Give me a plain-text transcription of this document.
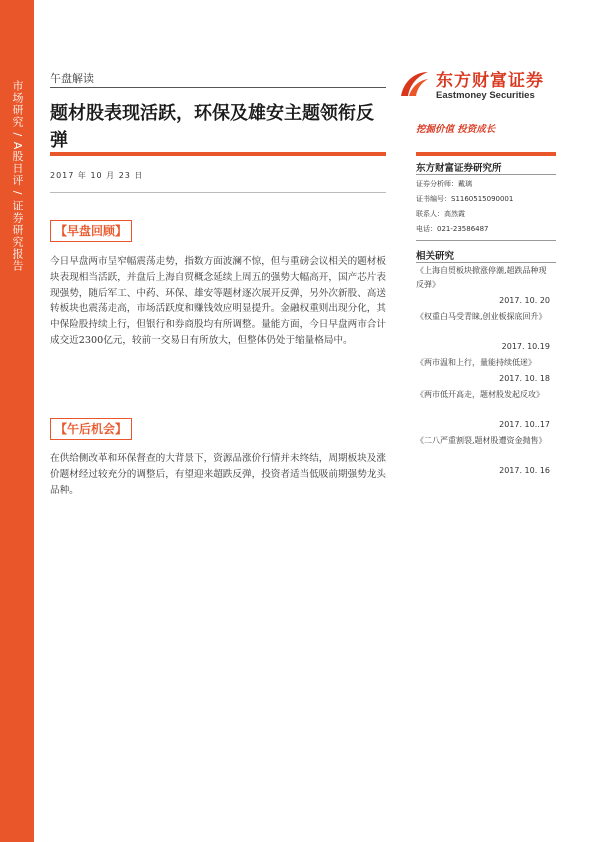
市场研究 / A股日评 / 证券研究报告
午盘解读
题材股表现活跃，环保及雄安主题领衔反弹
2017 年 10 月 23 日
【早盘回顾】
今日早盘两市呈窄幅震荡走势，指数方面波澜不惊，但与重磅会议相关的题材板块表现相当活跃，并盘后上海自贸概念延续上周五的强势大幅高开，国产芯片表现强势，随后军工、中药、环保、雄安等题材逐次展开反弹，另外次新股、高送转板块也震荡走高，市场活跃度和赚钱效应明显提升。金融权重则出现分化，其中保险股持续上行，但银行和券商股均有所调整。量能方面，今日早盘两市合计成交近2300亿元，较前一交易日有所放大，但整体仍处于缩量格局中。
【午后机会】
在供给侧改革和环保督查的大背景下，资源品涨价行情并未终结，周期板块及涨价题材经过较充分的调整后，有望迎来超跌反弹，投资者适当低吸前期强势龙头品种。
东方财富证券
Eastmoney Securities
挖掘价值 投资成长
东方财富证券研究所
证券分析师：戴璃
证书编号：S1160515090001
联系人：高然霞
电话：021-23586487
相关研究
《上海自贸板块掀涨停潮,超跌品种现反弹》
2017. 10. 20
《权重白马受青睐,创业板探底回升》
2017. 10.19
《两市温和上行，量能持续低迷》
2017. 10. 18
《两市低开高走，题材股发起反攻》
2017. 10..17
《二八严重割裂,题材股遭资金抛售》
2017. 10. 16
